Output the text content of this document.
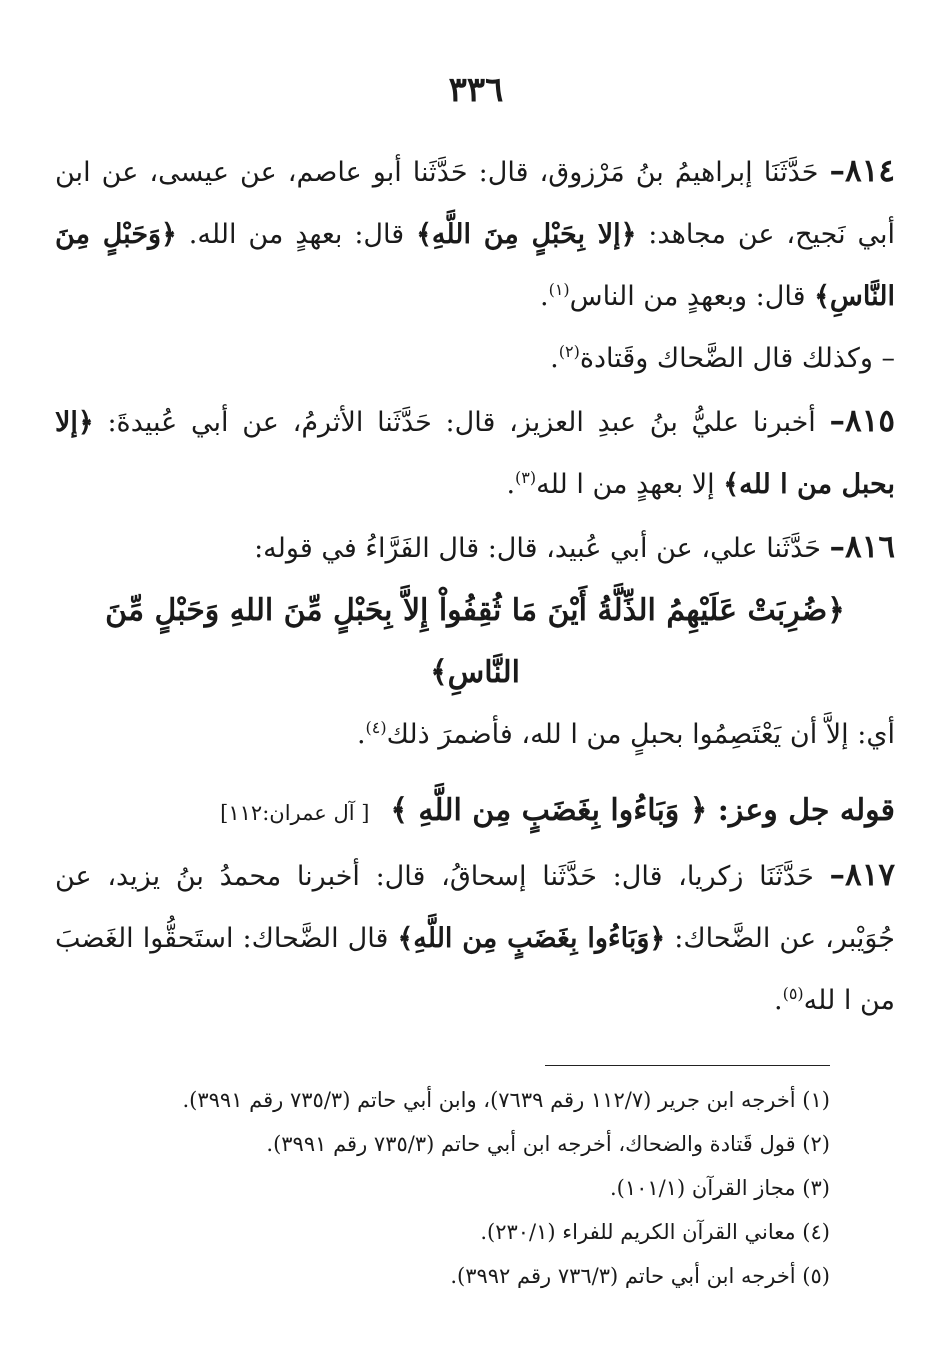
٣٣٦

٨١٤– حَدَّثَنَا إبراهيمُ بنُ مَرْزوق، قال: حَدَّثَنا أبو عاصم، عن عيسى، عن ابن أبي نَجيح، عن مجاهد: ﴿إلا بِحَبْلٍ مِنَ اللَّهِ﴾ قال: بعهدٍ من الله. ﴿وَحَبْلٍ مِنَ النَّاسِ﴾ قال: وبعهدٍ من الناس$^{(١)}$.

– وكذلك قال الضَّحاك وقَتادة$^{(٢)}$.

٨١٥– أخبرنا عليُّ بنُ عبدِ العزيز، قال: حَدَّثَنا الأثرمُ، عن أبي عُبيدةَ: ﴿إلا بحبل من ا لله﴾ إلا بعهدٍ من ا لله$^{(٣)}$.

٨١٦– حَدَّثَنا علي، عن أبي عُبيد، قال: قال الفَرَّاءُ في قوله:
﴿ضُرِبَتْ عَلَيْهِمُ الذِّلَّةُ أَيْنَ مَا ثُقِفُواْ إِلاَّ بِحَبْلٍ مِّنَ اللهِ وَحَبْلٍ مِّنَ النَّاسِ﴾
أي: إلاَّ أن يَعْتَصِمُوا بحبلٍ من ا لله، فأضمرَ ذلك$^{(٤)}$.

قوله جل وعز: ﴿ وَبَاءُوا بِغَضَبٍ مِن اللَّهِ ﴾  [ آل عمران:١١٢]

٨١٧– حَدَّثَنَا زكريا، قال: حَدَّثَنا إسحاقُ، قال: أخبرنا محمدُ بنُ يزيد، عن جُوَيْبر، عن الضَّحاك: ﴿وَبَاءُوا بِغَضَبٍ مِن اللَّهِ﴾ قال الضَّحاك: استَحقُّوا الغَضبَ من ا لله$^{(٥)}$.

(١) أخرجه ابن جرير (١١٢/٧ رقم ٧٦٣٩)، وابن أبي حاتم (٧٣٥/٣ رقم ٣٩٩١).
(٢) قول قَتادة والضحاك، أخرجه ابن أبي حاتم (٧٣٥/٣ رقم ٣٩٩١).
(٣) مجاز القرآن (١٠١/١).
(٤) معاني القرآن الكريم للفراء (٢٣٠/١).
(٥) أخرجه ابن أبي حاتم (٧٣٦/٣ رقم ٣٩٩٢).
